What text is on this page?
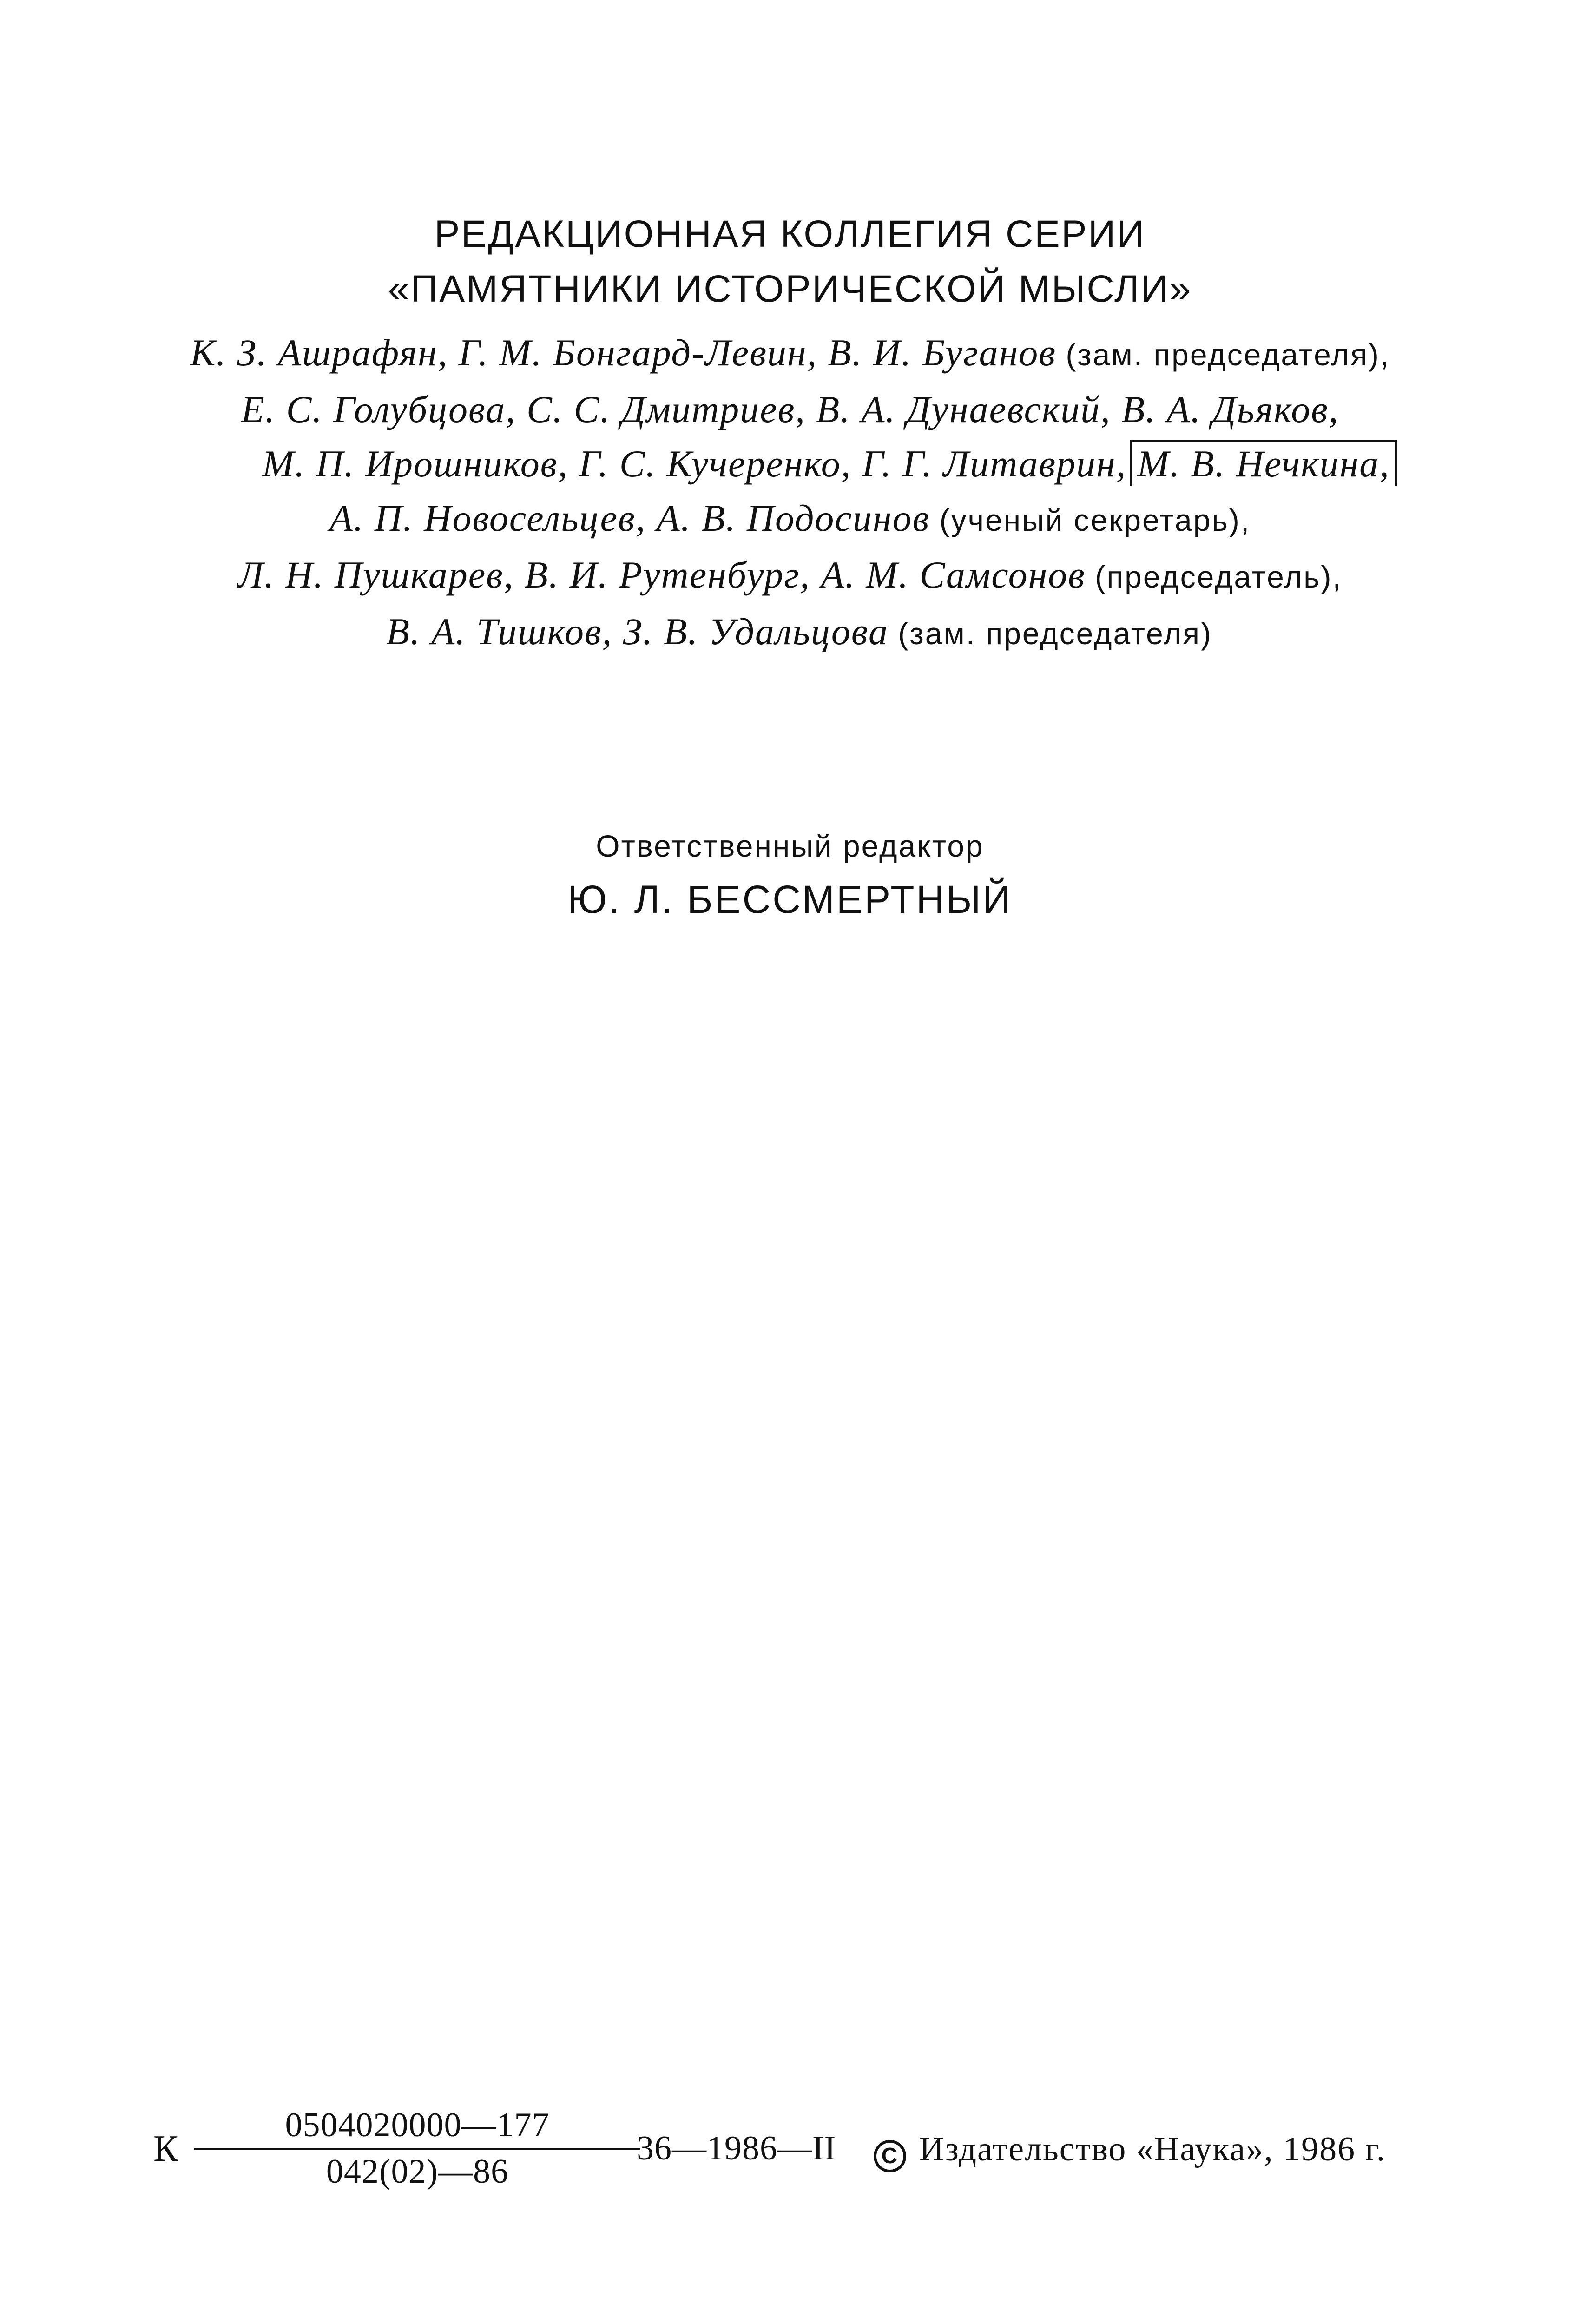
РЕДАКЦИОННАЯ КОЛЛЕГИЯ СЕРИИ
«ПАМЯТНИКИ ИСТОРИЧЕСКОЙ МЫСЛИ»
К. З. Ашрафян, Г. М. Бонгард-Левин, В. И. Буганов (зам. председателя),
Е. С. Голубцова, С. С. Дмитриев, В. А. Дунаевский, В. А. Дьяков,
М. П. Ирошников, Г. С. Кучеренко, Г. Г. Литаврин, М. В. Нечкина,
А. П. Новосельцев, А. В. Подосинов (ученый секретарь),
Л. Н. Пушкарев, В. И. Рутенбург, А. М. Самсонов (председатель),
В. А. Тишков, З. В. Удальцова (зам. председателя)
Ответственный редактор
Ю. Л. БЕССМЕРТНЫЙ
К $\frac{0504020000—177}{042(02)—86}$
36—1986—II	C Издательство «Наука», 1986 г.
